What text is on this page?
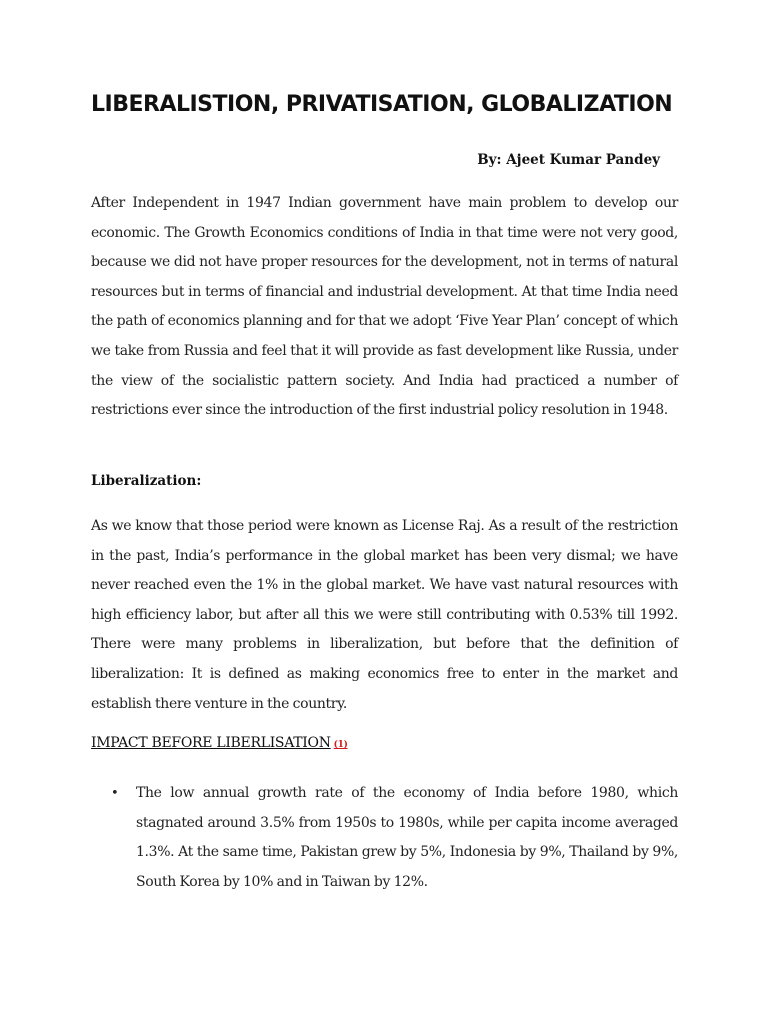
LIBERALISTION, PRIVATISATION, GLOBALIZATION
By: Ajeet Kumar Pandey

After Independent in 1947 Indian government have main problem to develop our economic. The Growth Economics conditions of India in that time were not very good, because we did not have proper resources for the development, not in terms of natural resources but in terms of financial and industrial development. At that time India need the path of economics planning and for that we adopt ‘Five Year Plan’ concept of which we take from Russia and feel that it will provide as fast development like Russia, under the view of the socialistic pattern society. And India had practiced a number of restrictions ever since the introduction of the first industrial policy resolution in 1948.

Liberalization:

As we know that those period were known as License Raj. As a result of the restriction in the past, India’s performance in the global market has been very dismal; we have never reached even the 1% in the global market. We have vast natural resources with high efficiency labor, but after all this we were still contributing with 0.53% till 1992. There were many problems in liberalization, but before that the definition of liberalization: It is defined as making economics free to enter in the market and establish there venture in the country.

IMPACT BEFORE LIBERLISATION (1)
• The low annual growth rate of the economy of India before 1980, which stagnated around 3.5% from 1950s to 1980s, while per capita income averaged 1.3%. At the same time, Pakistan grew by 5%, Indonesia by 9%, Thailand by 9%, South Korea by 10% and in Taiwan by 12%.
